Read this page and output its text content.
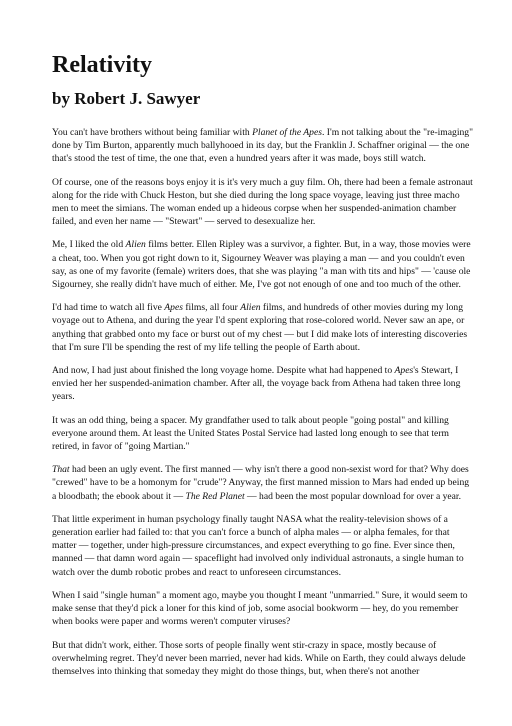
Relativity
by Robert J. Sawyer

You can't have brothers without being familiar with Planet of the Apes. I'm not talking about the "re-imaging" done by Tim Burton, apparently much ballyhooed in its day, but the Franklin J. Schaffner original — the one that's stood the test of time, the one that, even a hundred years after it was made, boys still watch.

Of course, one of the reasons boys enjoy it is it's very much a guy film. Oh, there had been a female astronaut along for the ride with Chuck Heston, but she died during the long space voyage, leaving just three macho men to meet the simians. The woman ended up a hideous corpse when her suspended-animation chamber failed, and even her name — "Stewart" — served to desexualize her.

Me, I liked the old Alien films better. Ellen Ripley was a survivor, a fighter. But, in a way, those movies were a cheat, too. When you got right down to it, Sigourney Weaver was playing a man — and you couldn't even say, as one of my favorite (female) writers does, that she was playing "a man with tits and hips" — 'cause ole Sigourney, she really didn't have much of either. Me, I've got not enough of one and too much of the other.

I'd had time to watch all five Apes films, all four Alien films, and hundreds of other movies during my long voyage out to Athena, and during the year I'd spent exploring that rose-colored world. Never saw an ape, or anything that grabbed onto my face or burst out of my chest — but I did make lots of interesting discoveries that I'm sure I'll be spending the rest of my life telling the people of Earth about.

And now, I had just about finished the long voyage home. Despite what had happened to Apes's Stewart, I envied her her suspended-animation chamber. After all, the voyage back from Athena had taken three long years.

It was an odd thing, being a spacer. My grandfather used to talk about people "going postal" and killing everyone around them. At least the United States Postal Service had lasted long enough to see that term retired, in favor of "going Martian."

That had been an ugly event. The first manned — why isn't there a good non-sexist word for that? Why does "crewed" have to be a homonym for "crude"? Anyway, the first manned mission to Mars had ended up being a bloodbath; the ebook about it — The Red Planet — had been the most popular download for over a year.

That little experiment in human psychology finally taught NASA what the reality-television shows of a generation earlier had failed to: that you can't force a bunch of alpha males — or alpha females, for that matter — together, under high-pressure circumstances, and expect everything to go fine. Ever since then, manned — that damn word again — spaceflight had involved only individual astronauts, a single human to watch over the dumb robotic probes and react to unforeseen circumstances.

When I said "single human" a moment ago, maybe you thought I meant "unmarried." Sure, it would seem to make sense that they'd pick a loner for this kind of job, some asocial bookworm — hey, do you remember when books were paper and worms weren't computer viruses?

But that didn't work, either. Those sorts of people finally went stir-crazy in space, mostly because of overwhelming regret. They'd never been married, never had kids. While on Earth, they could always delude themselves into thinking that someday they might do those things, but, when there's not another
